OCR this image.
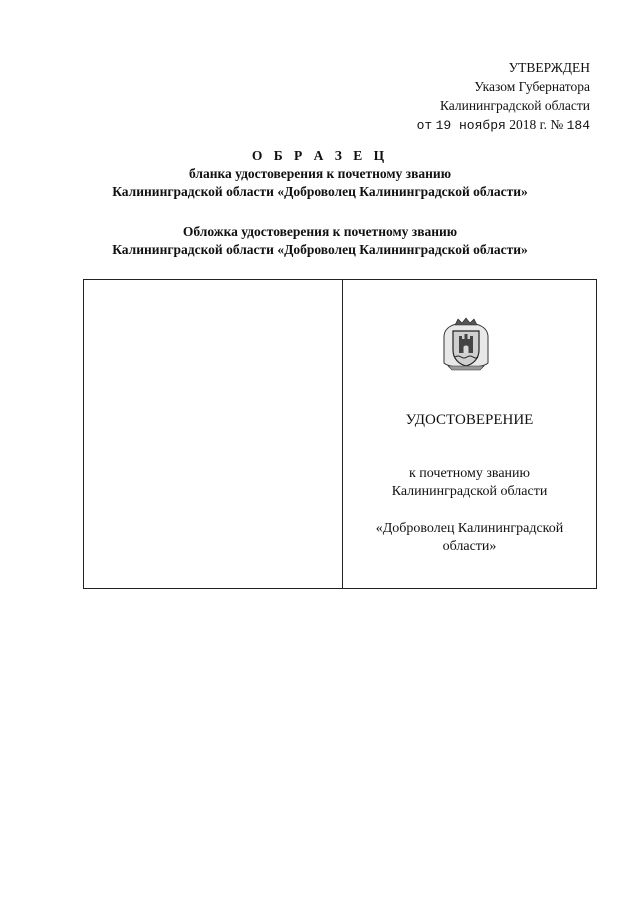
УТВЕРЖДЕН
Указом Губернатора
Калининградской области
от 19 ноября 2018 г. № 184
О Б Р А З Е Ц
бланка удостоверения к почетному званию
Калининградской области «Доброволец Калининградской области»
Обложка удостоверения к почетному званию
Калининградской области «Доброволец Калининградской области»
УДОСТОВЕРЕНИЕ
к почетному званию
Калининградской области
«Доброволец Калининградской
области»
